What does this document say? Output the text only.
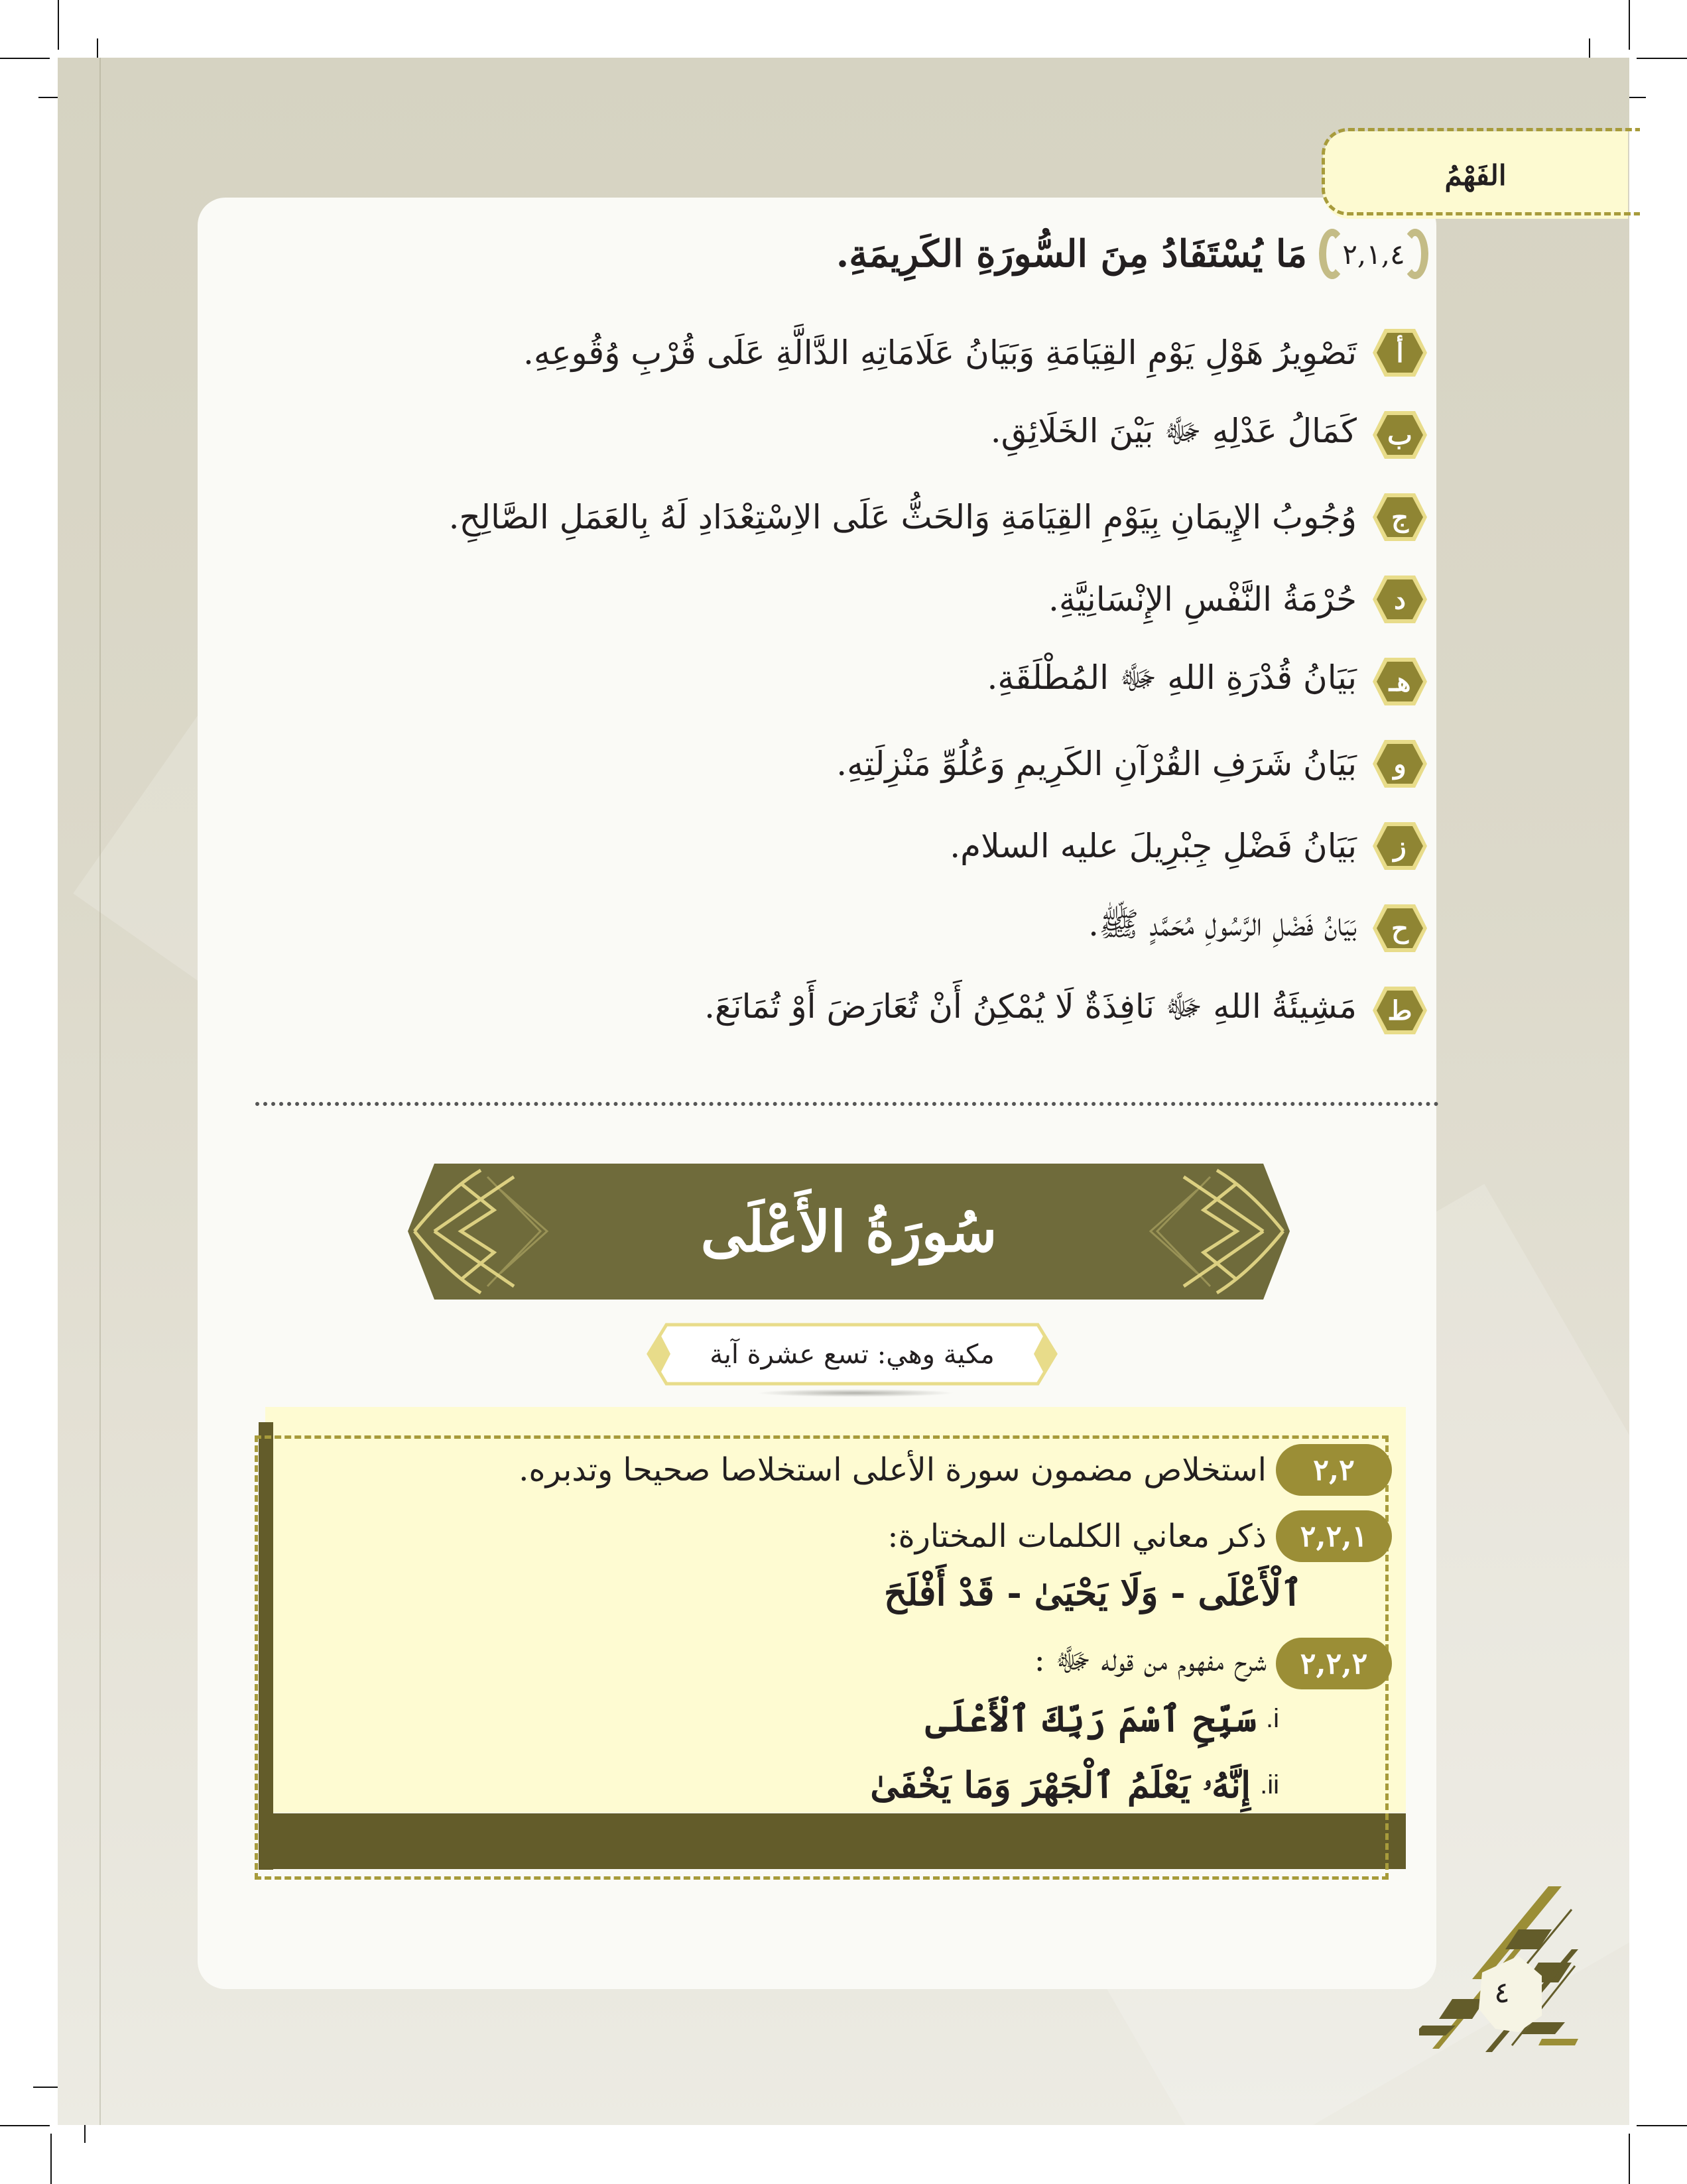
الفَهْمُ
٢,١,٤
مَا يُسْتَفَادُ مِنَ السُّورَةِ الكَرِيمَةِ.
أ
تَصْوِيرُ هَوْلِ يَوْمِ القِيَامَةِ وَبَيَانُ عَلَامَاتِهِ الدَّالَّةِ عَلَى قُرْبِ وُقُوعِهِ.
ب
كَمَالُ عَدْلِهِ ﷻ بَيْنَ الخَلَائِقِ.
ج
وُجُوبُ الإِيمَانِ بِيَوْمِ القِيَامَةِ وَالحَثُّ عَلَى الاِسْتِعْدَادِ لَهُ بِالعَمَلِ الصَّالِحِ.
د
حُرْمَةُ النَّفْسِ الإِنْسَانِيَّةِ.
هـ
بَيَانُ قُدْرَةِ اللهِ ﷻ المُطْلَقَةِ.
و
بَيَانُ شَرَفِ القُرْآنِ الكَرِيمِ وَعُلُوِّ مَنْزِلَتِهِ.
ز
بَيَانُ فَضْلِ جِبْرِيلَ عليه السلام.
ح
بَيَانُ فَضْلِ الرَّسُولِ مُحَمَّدٍ ﷺ.
ط
مَشِيئَةُ اللهِ ﷻ نَافِذَةٌ لَا يُمْكِنُ أَنْ تُعَارَضَ أَوْ تُمَانَعَ.
سُورَةُ الأَعْلَى
مكية وهي: تسع عشرة آية
٢,٢
استخلاص مضمون سورة الأعلى استخلاصا صحيحا وتدبره.
٢,٢,١
ذكر معاني الكلمات المختارة:
ٱلْأَعْلَى - وَلَا يَحْيَىٰ - قَدْ أَفْلَحَ
٢,٢,٢
شرح مفهوم من قوله ﷻ :
i.
سَبِّحِ ٱسْمَ رَبِّكَ ٱلْأَعْلَى
ii.
إِنَّهُۥ يَعْلَمُ ٱلْجَهْرَ وَمَا يَخْفَىٰ
٤
